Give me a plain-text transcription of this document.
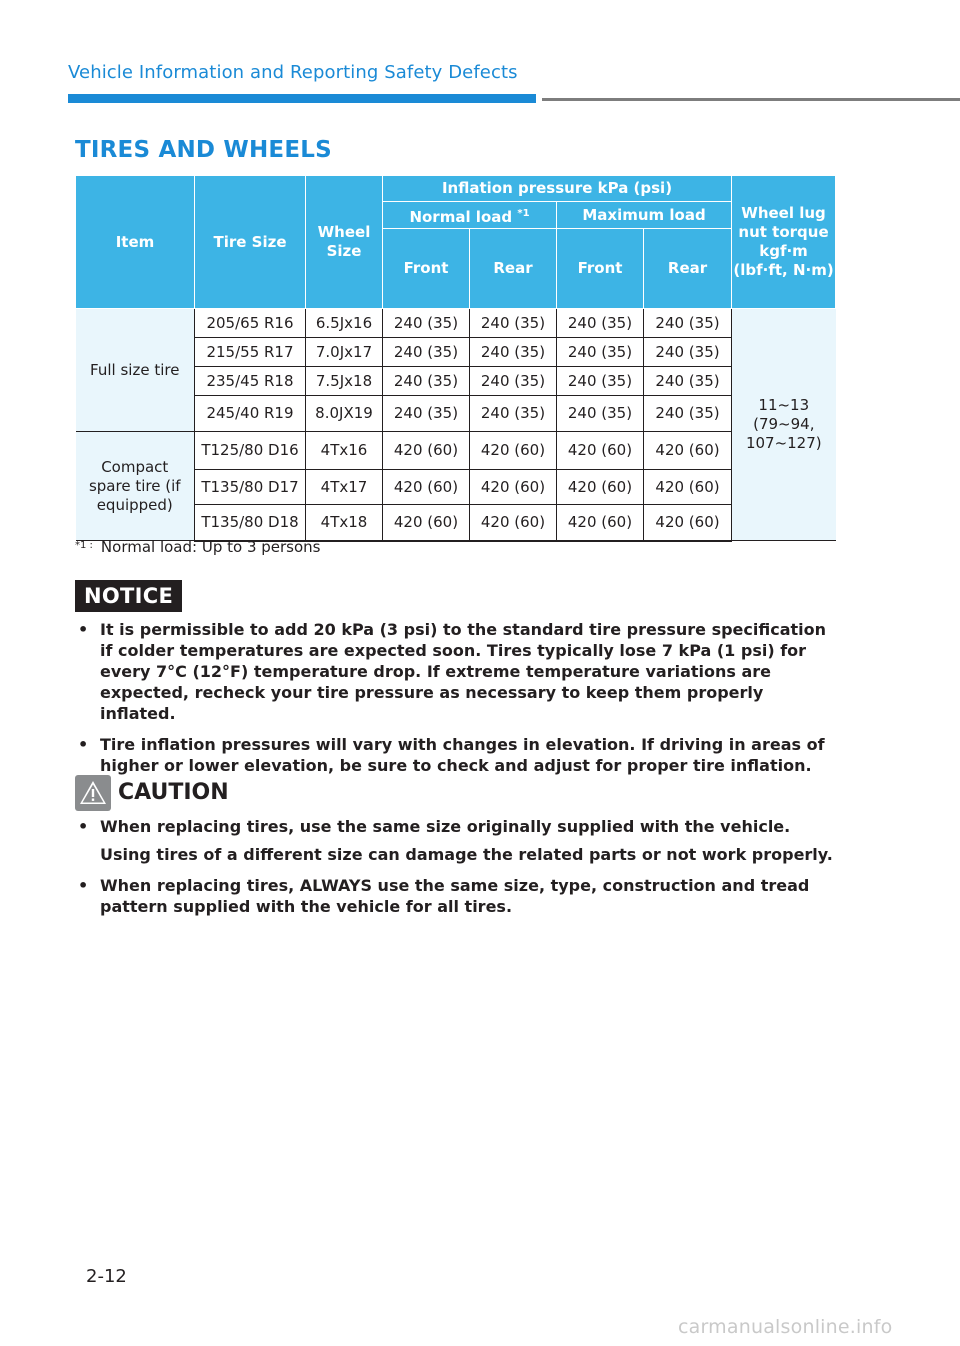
Vehicle Information and Reporting Safety Defects
TIRES AND WHEELS
Item	Tire Size	Wheel Size	Inflation pressure kPa (psi)				Wheel lug nut torque kgf·m (lbf·ft, N·m)
			Normal load $^{*1}$		Maximum load		
			Front	Rear	Front	Rear	
Full size tire	205/65 R16	6.5Jx16	240 (35)	240 (35)	240 (35)	240 (35)	11~13 (79~94, 107~127)
	215/55 R17	7.0Jx17	240 (35)	240 (35)	240 (35)	240 (35)	
	235/45 R18	7.5Jx18	240 (35)	240 (35)	240 (35)	240 (35)	
	245/40 R19	8.0JX19	240 (35)	240 (35)	240 (35)	240 (35)	
Compact spare tire (if equipped)	T125/80 D16	4Tx16	420 (60)	420 (60)	420 (60)	420 (60)	
	T135/80 D17	4Tx17	420 (60)	420 (60)	420 (60)	420 (60)	
	T135/80 D18	4Tx18	420 (60)	420 (60)	420 (60)	420 (60)	
$^{*1 :}$ Normal load: Up to 3 persons
NOTICE
• It is permissible to add 20 kPa (3 psi) to the standard tire pressure specification if colder temperatures are expected soon. Tires typically lose 7 kPa (1 psi) for every 7°C (12°F) temperature drop. If extreme temperature variations are expected, recheck your tire pressure as necessary to keep them properly inflated.
• Tire inflation pressures will vary with changes in elevation. If driving in areas of higher or lower elevation, be sure to check and adjust for proper tire inflation.
CAUTION
• When replacing tires, use the same size originally supplied with the vehicle.
Using tires of a different size can damage the related parts or not work properly.
• When replacing tires, ALWAYS use the same size, type, construction and tread pattern supplied with the vehicle for all tires.
2-12
carmanualsonline.info
